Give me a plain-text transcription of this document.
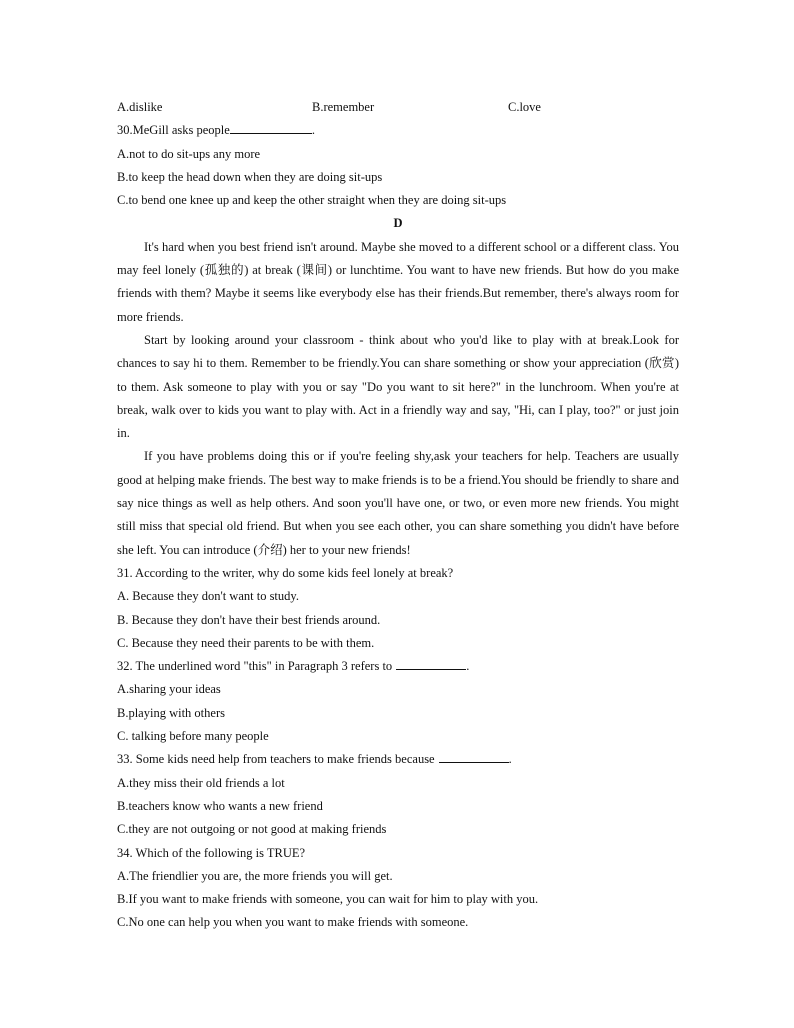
A.dislike	B.remember	C.love
30.MeGill asks people	.
A.not to do sit-ups any more
B.to keep the head down when they are doing sit-ups
C.to bend one knee up and keep the other straight when they are doing sit-ups
D

It's hard when you best friend isn't around. Maybe she moved to a different school or a different class. You may feel lonely (孤独的) at break (课间) or lunchtime. You want to have new friends. But how do you make friends with them? Maybe it seems like everybody else has their friends.But remember, there's always room for more friends.

Start by looking around your classroom - think about who you'd like to play with at break.Look for chances to say hi to them. Remember to be friendly.You can share something or show your appreciation (欣赏) to them. Ask someone to play with you or say "Do you want to sit here?" in the lunchroom. When you're at break, walk over to kids you want to play with. Act in a friendly way and say, "Hi, can I play, too?" or just join in.

If you have problems doing this or if you're feeling shy,ask your teachers for help. Teachers are usually good at helping make friends. The best way to make friends is to be a friend.You should be friendly to share and say nice things as well as help others. And soon you'll have one, or two, or even more new friends. You might still miss that special old friend. But when you see each other, you can share something you didn't have before she left. You can introduce (介绍) her to your new friends!

31. According to the writer, why do some kids feel lonely at break?
A. Because they don't want to study.
B. Because they don't have their best friends around.
C. Because they need their parents to be with them.
32. The underlined word "this" in Paragraph 3 refers to	.
A.sharing your ideas
B.playing with others
C. talking before many people
33. Some kids need help from teachers to make friends because	.
A.they miss their old friends a lot
B.teachers know who wants a new friend
C.they are not outgoing or not good at making friends
34. Which of the following is TRUE?
A.The friendlier you are, the more friends you will get.
B.If you want to make friends with someone, you can wait for him to play with you.
C.No one can help you when you want to make friends with someone.
